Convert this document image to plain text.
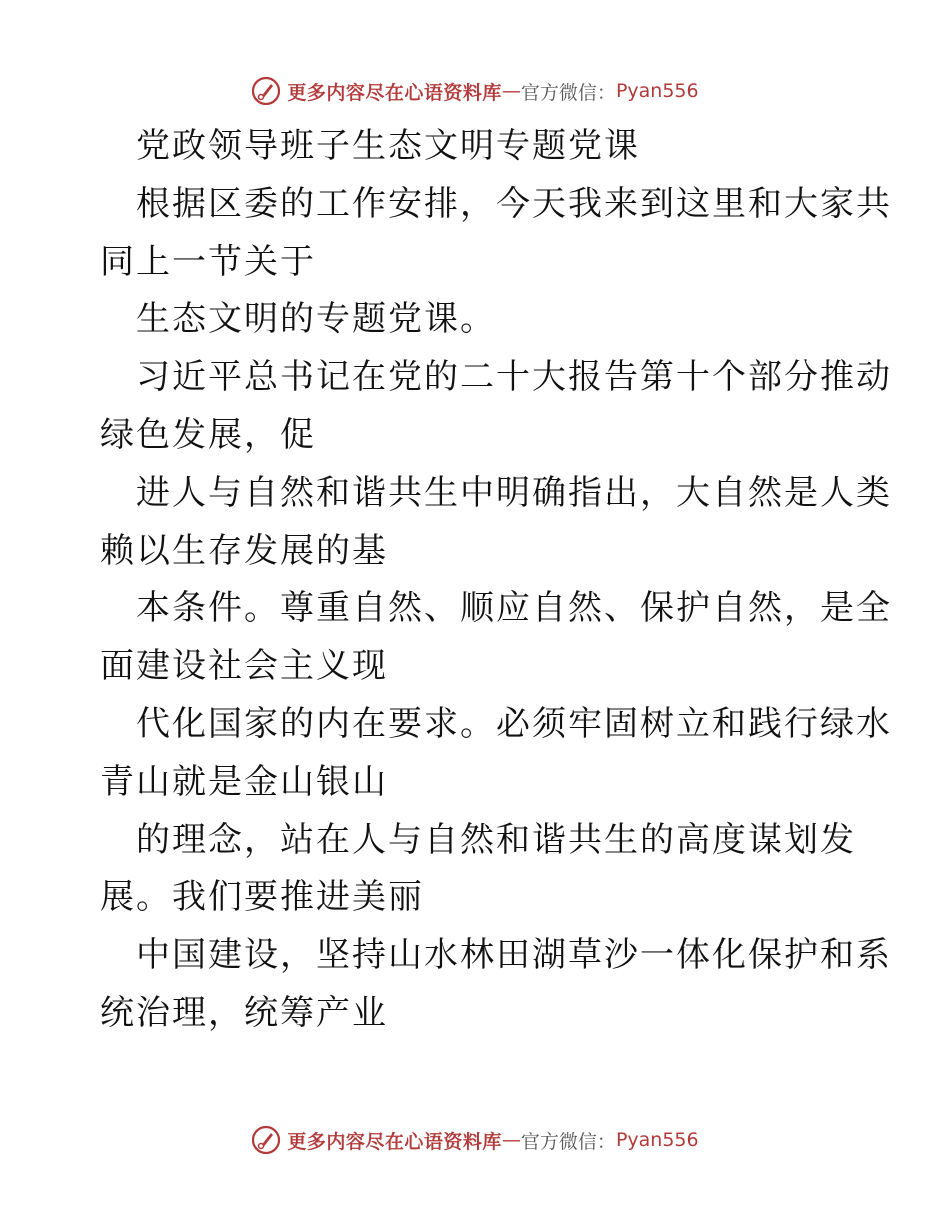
更多内容尽在心语资料库 — 官方微信： Pyan556

党政领导班子生态文明专题党课

根据区委的工作安排，今天我来到这里和大家共
同上一节关于

生态文明的专题党课。

习近平总书记在党的二十大报告第十个部分推动
绿色发展，促

进人与自然和谐共生中明确指出，大自然是人类
赖以生存发展的基

本条件。尊重自然、顺应自然、保护自然，是全
面建设社会主义现

代化国家的内在要求。必须牢固树立和践行绿水
青山就是金山银山

的理念，站在人与自然和谐共生的高度谋划发
展。我们要推进美丽

中国建设，坚持山水林田湖草沙一体化保护和系
统治理，统筹产业

更多内容尽在心语资料库 — 官方微信： Pyan556
